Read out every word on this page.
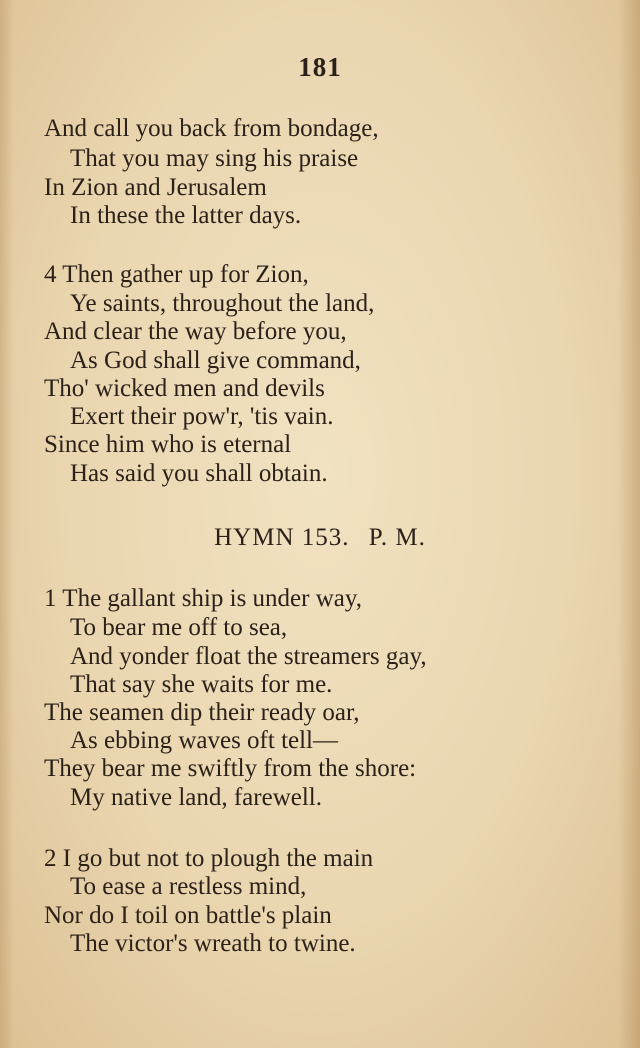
181
And call you back from bondage,
That you may sing his praise
In Zion and Jerusalem
In these the latter days.
4 Then gather up for Zion,
Ye saints, throughout the land,
And clear the way before you,
As God shall give command,
Tho' wicked men and devils
Exert their pow'r, 'tis vain.
Since him who is eternal
Has said you shall obtain.
HYMN 153. P. M.
1 The gallant ship is under way,
To bear me off to sea,
And yonder float the streamers gay,
That say she waits for me.
The seamen dip their ready oar,
As ebbing waves oft tell—
They bear me swiftly from the shore:
My native land, farewell.
2 I go but not to plough the main
To ease a restless mind,
Nor do I toil on battle's plain
The victor's wreath to twine.
